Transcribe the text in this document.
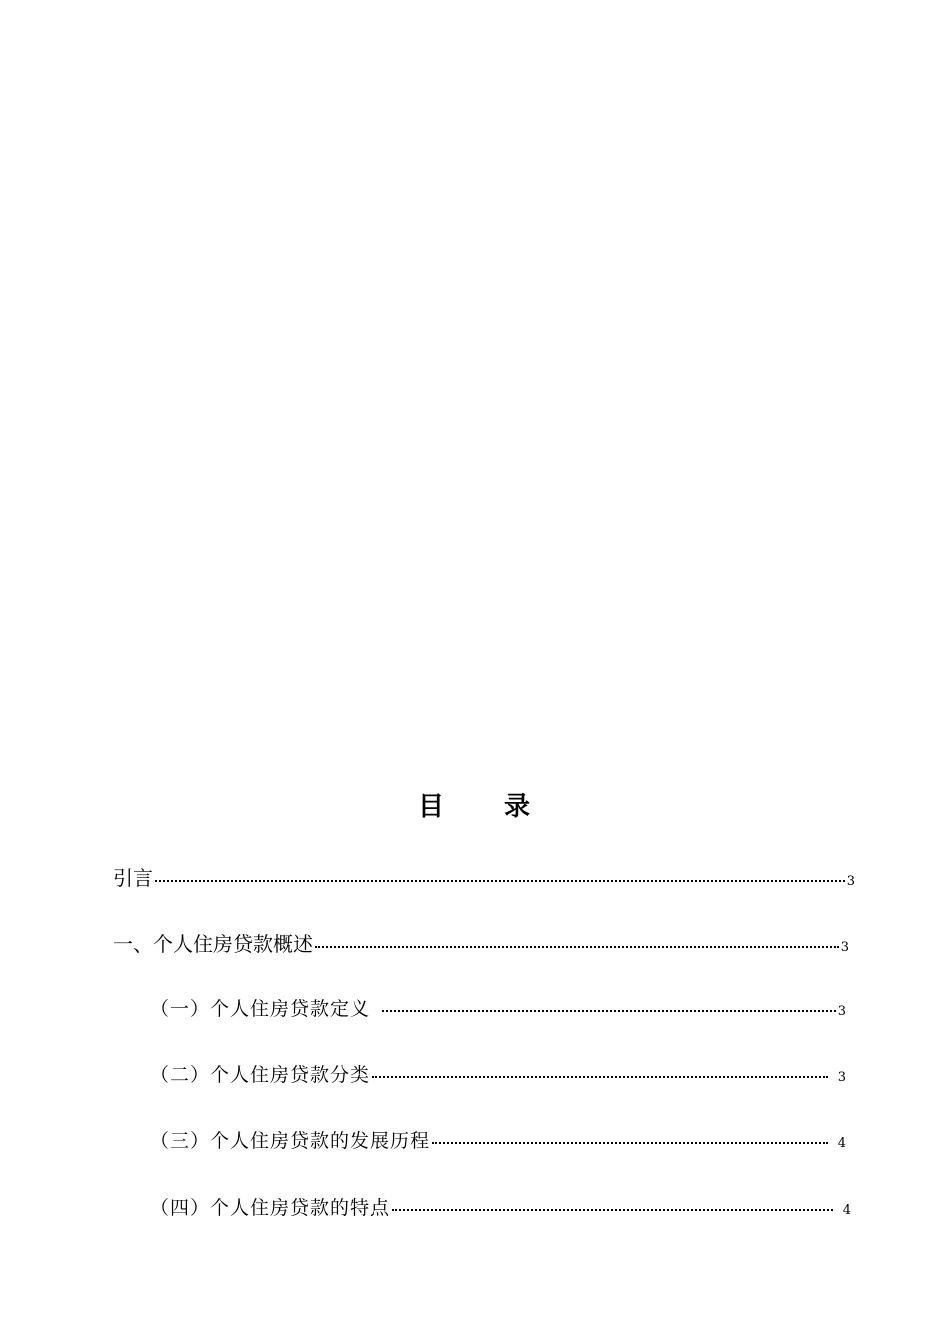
目 录
引言	3
一、个人住房贷款概述	3
（一）个人住房贷款定义	3
（二）个人住房贷款分类	3
（三）个人住房贷款的发展历程	4
（四）个人住房贷款的特点	4
